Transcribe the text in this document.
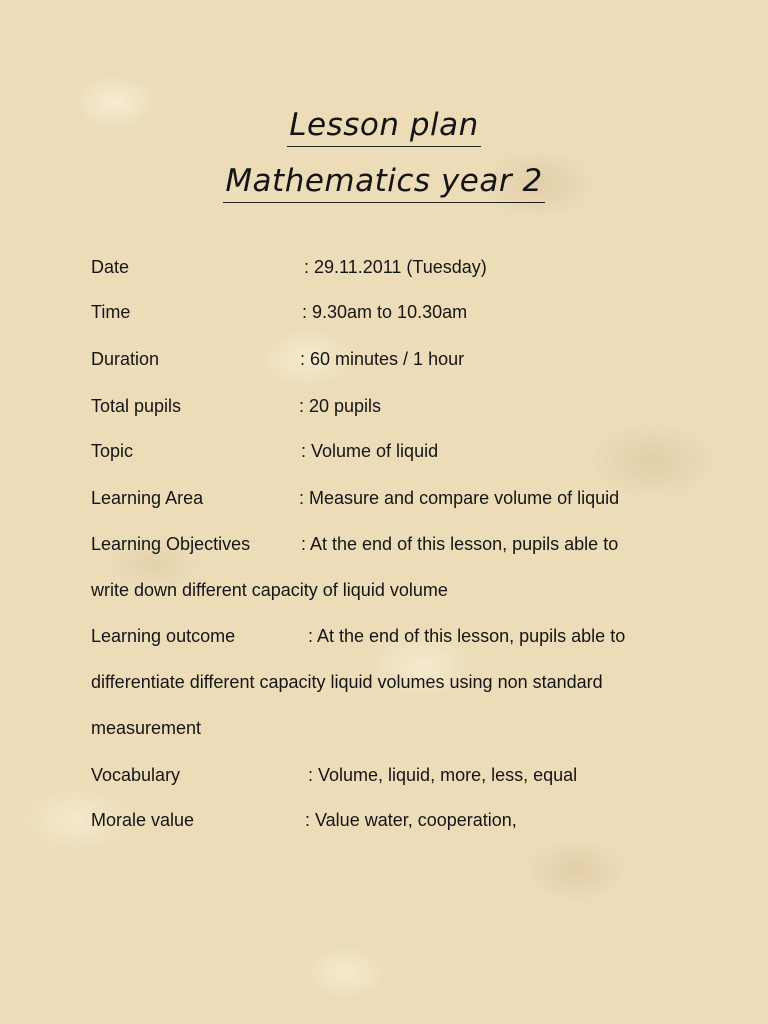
Lesson plan
Mathematics year 2
Date	: 29.11.2011 (Tuesday)
Time	: 9.30am to 10.30am
Duration	: 60 minutes / 1 hour
Total pupils	: 20 pupils
Topic	: Volume of liquid
Learning Area	: Measure and compare volume of liquid
Learning Objectives	: At the end of this lesson, pupils able to
write down different capacity of liquid volume
Learning outcome	: At the end of this lesson, pupils able to
differentiate different capacity liquid volumes using non standard
measurement
Vocabulary	: Volume, liquid, more, less, equal
Morale value	: Value water, cooperation,
